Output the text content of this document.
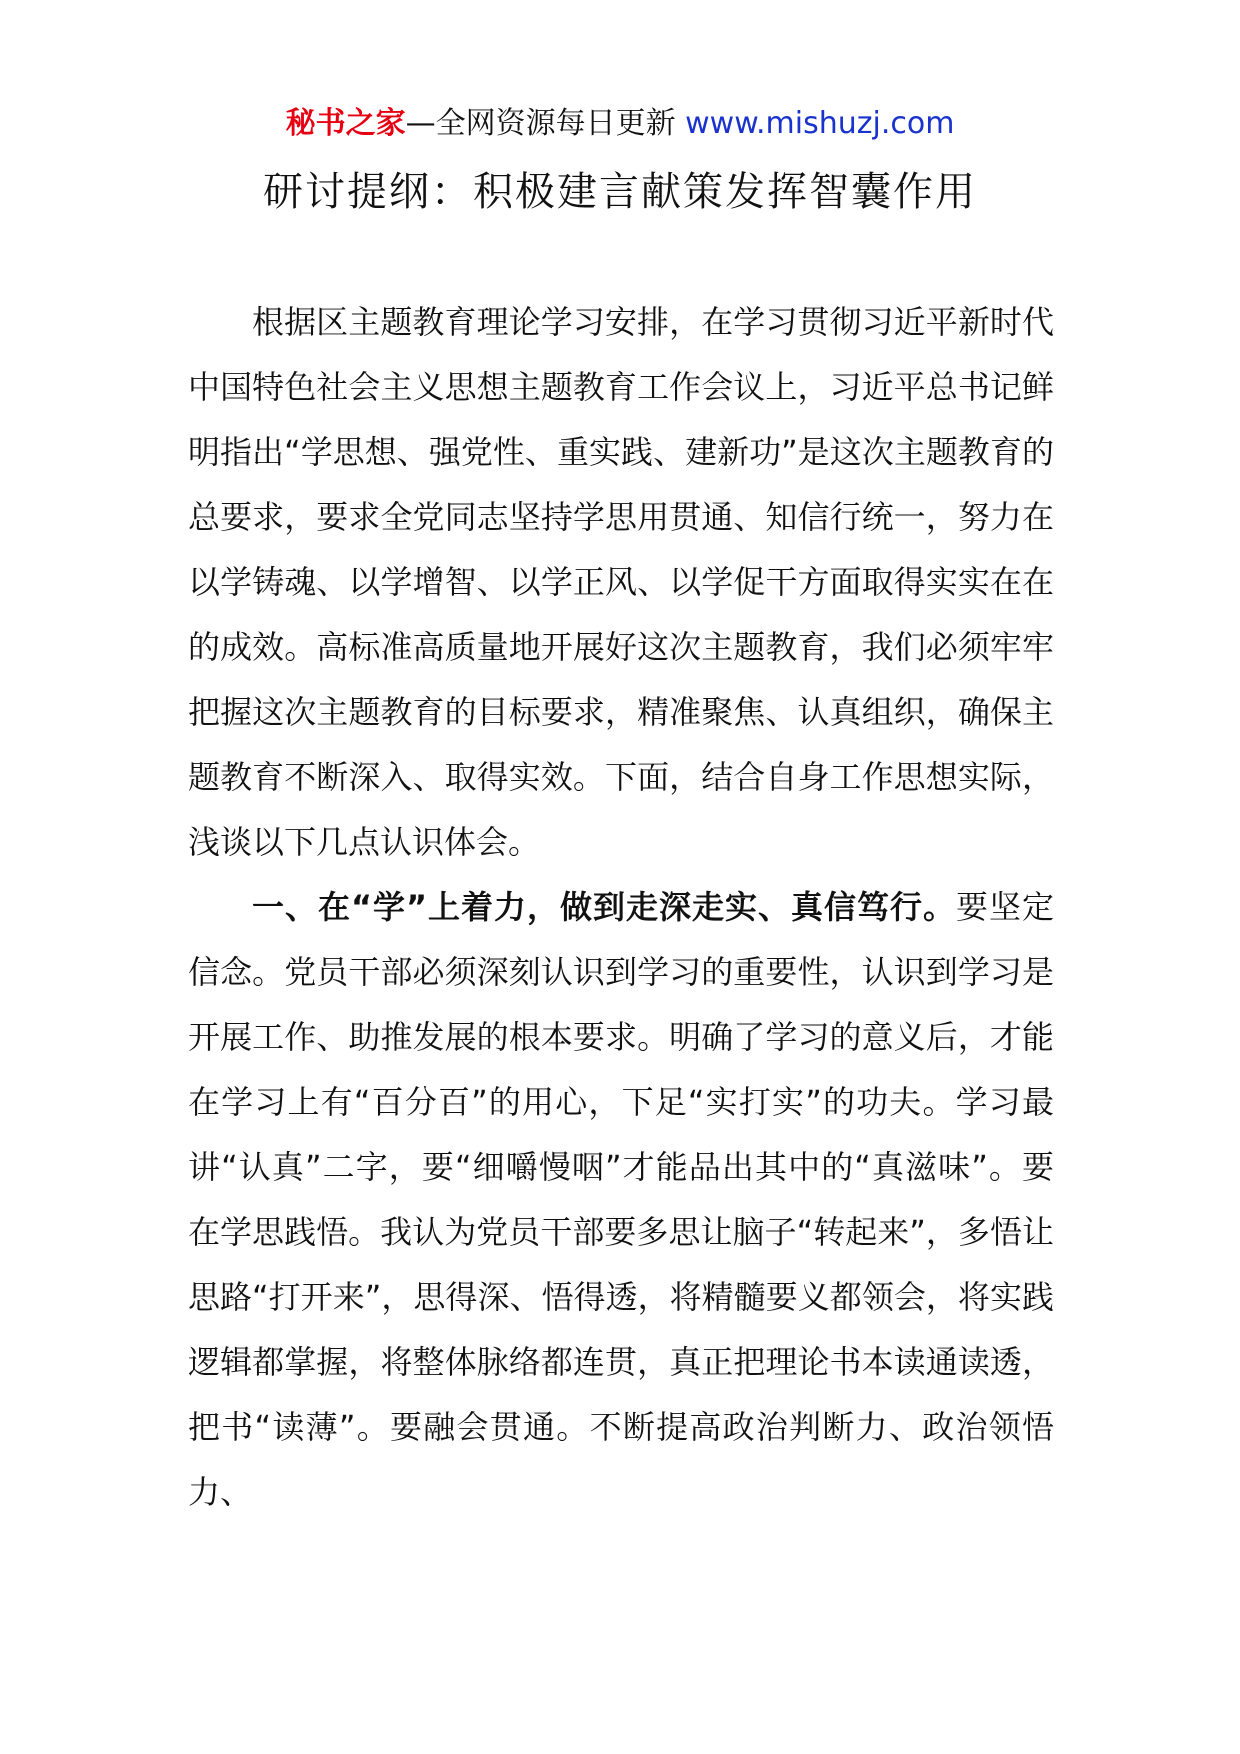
秘书之家—全网资源每日更新 www.mishuzj.com
研讨提纲：积极建言献策发挥智囊作用

根据区主题教育理论学习安排，在学习贯彻习近平新时代中国特色社会主义思想主题教育工作会议上，习近平总书记鲜明指出“学思想、强党性、重实践、建新功”是这次主题教育的总要求，要求全党同志坚持学思用贯通、知信行统一，努力在以学铸魂、以学增智、以学正风、以学促干方面取得实实在在的成效。高标准高质量地开展好这次主题教育，我们必须牢牢把握这次主题教育的目标要求，精准聚焦、认真组织，确保主题教育不断深入、取得实效。下面，结合自身工作思想实际，浅谈以下几点认识体会。

一、在“学”上着力，做到走深走实、真信笃行。要坚定信念。党员干部必须深刻认识到学习的重要性，认识到学习是开展工作、助推发展的根本要求。明确了学习的意义后，才能在学习上有“百分百”的用心，下足“实打实”的功夫。学习最讲“认真”二字，要“细嚼慢咽”才能品出其中的“真滋味”。要在学思践悟。我认为党员干部要多思让脑子“转起来”，多悟让思路“打开来”，思得深、悟得透，将精髓要义都领会，将实践逻辑都掌握，将整体脉络都连贯，真正把理论书本读通读透，把书“读薄”。要融会贯通。不断提高政治判断力、政治领悟力、
